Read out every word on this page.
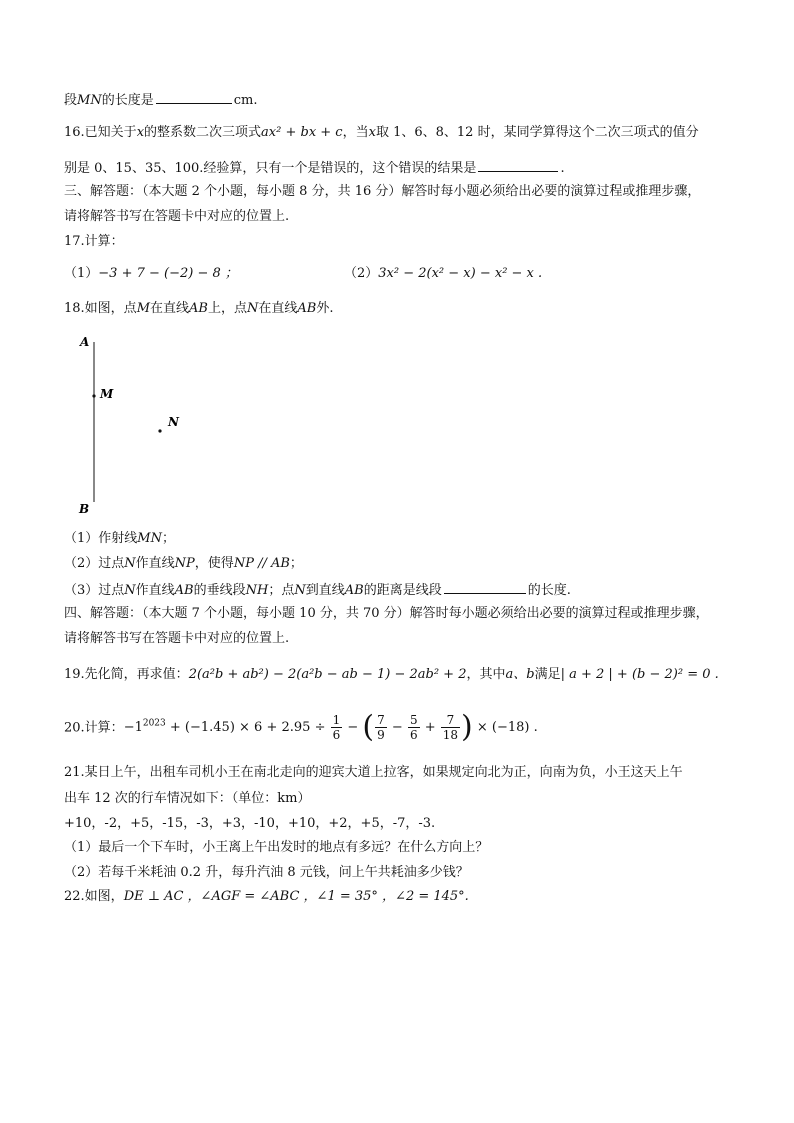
段MN的长度是	cm.
16.已知关于x的整系数二次三项式ax² + bx + c，当x取 1、6、8、12 时，某同学算得这个二次三项式的值分
别是 0、15、35、100.经验算，只有一个是错误的，这个错误的结果是	.
三、解答题：（本大题 2 个小题，每小题 8 分，共 16 分）解答时每小题必须给出必要的演算过程或推理步骤，
请将解答书写在答题卡中对应的位置上.
17.计算：
（1）−3 + 7 − (−2) − 8 ；	（2）3x² − 2(x² − x) − x² − x .
18.如图，点M在直线AB上，点N在直线AB外.
A
M
N
B
（1）作射线MN；
（2）过点N作直线NP，使得NP // AB；
（3）过点N作直线AB的垂线段NH；点N到直线AB的距离是线段	的长度.
四、解答题：（本大题 7 个小题，每小题 10 分，共 70 分）解答时每小题必须给出必要的演算过程或推理步骤，
请将解答书写在答题卡中对应的位置上.
19.先化简，再求值：2(a²b + ab²) − 2(a²b − ab − 1) − 2ab² + 2，其中a、b满足| a + 2 | + (b − 2)² = 0 .
20.计算：$-1^{2023} + (-1.45) \times 6 + 2.95 \div \frac{1}{6}$ − ( $\frac{7}{9} - \frac{5}{6} + \frac{7}{18}$ ) × (−18) .
21.某日上午，出租车司机小王在南北走向的迎宾大道上拉客，如果规定向北为正，向南为负，小王这天上午
出车 12 次的行车情况如下：（单位：km）
+10，-2，+5，-15，-3，+3，-10，+10，+2，+5，-7，-3.
（1）最后一个下车时，小王离上午出发时的地点有多远？在什么方向上？
（2）若每千米耗油 0.2 升，每升汽油 8 元钱，问上午共耗油多少钱？
22.如图，DE ⊥ AC ，∠AGF = ∠ABC ，∠1 = 35° ，∠2 = 145°.
